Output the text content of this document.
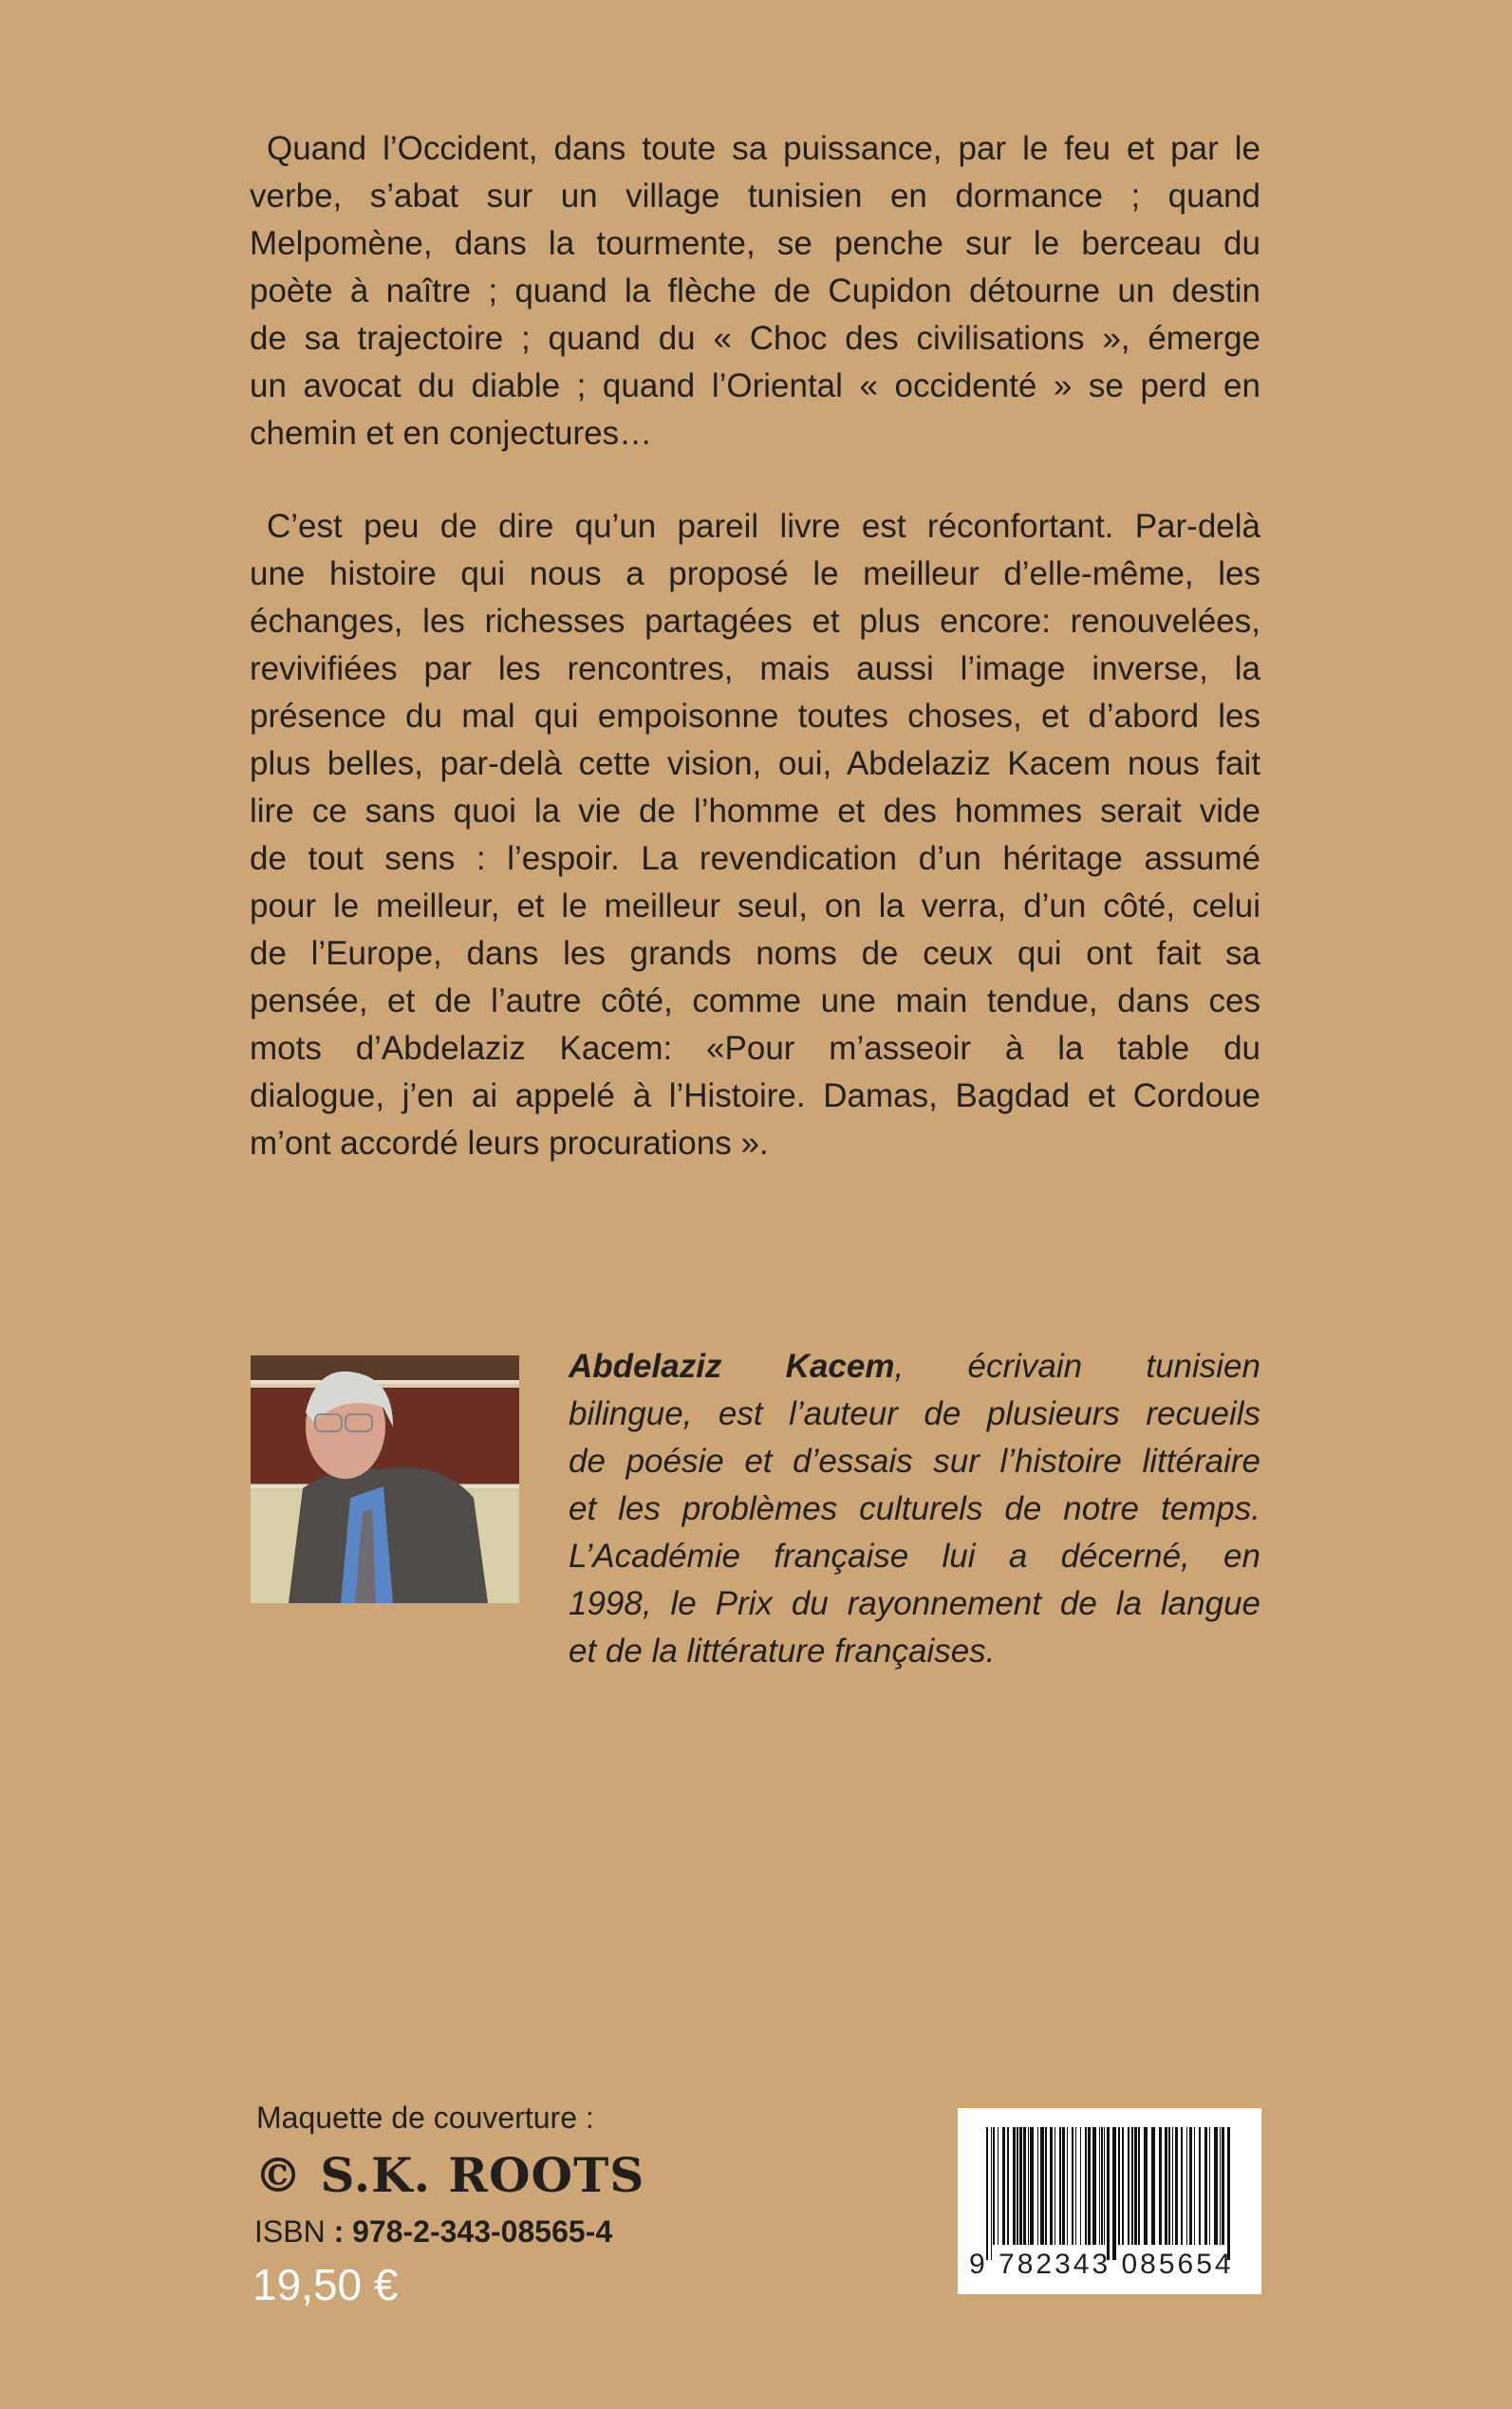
Quand l’Occident, dans toute sa puissance, par le feu et par le
verbe, s’abat sur un village tunisien en dormance ; quand
Melpomène, dans la tourmente, se penche sur le berceau du
poète à naître ; quand la flèche de Cupidon détourne un destin
de sa trajectoire ; quand du « Choc des civilisations », émerge
un avocat du diable ; quand l’Oriental « occidenté » se perd en
chemin et en conjectures…
C’est peu de dire qu’un pareil livre est réconfortant. Par-delà
une histoire qui nous a proposé le meilleur d’elle-même, les
échanges, les richesses partagées et plus encore: renouvelées,
revivifiées par les rencontres, mais aussi l’image inverse, la
présence du mal qui empoisonne toutes choses, et d’abord les
plus belles, par-delà cette vision, oui, Abdelaziz Kacem nous fait
lire ce sans quoi la vie de l’homme et des hommes serait vide
de tout sens : l’espoir. La revendication d’un héritage assumé
pour le meilleur, et le meilleur seul, on la verra, d’un côté, celui
de l’Europe, dans les grands noms de ceux qui ont fait sa
pensée, et de l’autre côté, comme une main tendue, dans ces
mots d’Abdelaziz Kacem: «Pour m’asseoir à la table du
dialogue, j’en ai appelé à l’Histoire. Damas, Bagdad et Cordoue
m’ont accordé leurs procurations ».
Abdelaziz Kacem, écrivain tunisien
bilingue, est l’auteur de plusieurs recueils
de poésie et d’essais sur l’histoire littéraire
et les problèmes culturels de notre temps.
L’Académie française lui a décerné, en
1998, le Prix du rayonnement de la langue
et de la littérature françaises.
Maquette de couverture :
© S.K. ROOTS
ISBN : 978-2-343-08565-4
19,50 €	9 782343 085654
